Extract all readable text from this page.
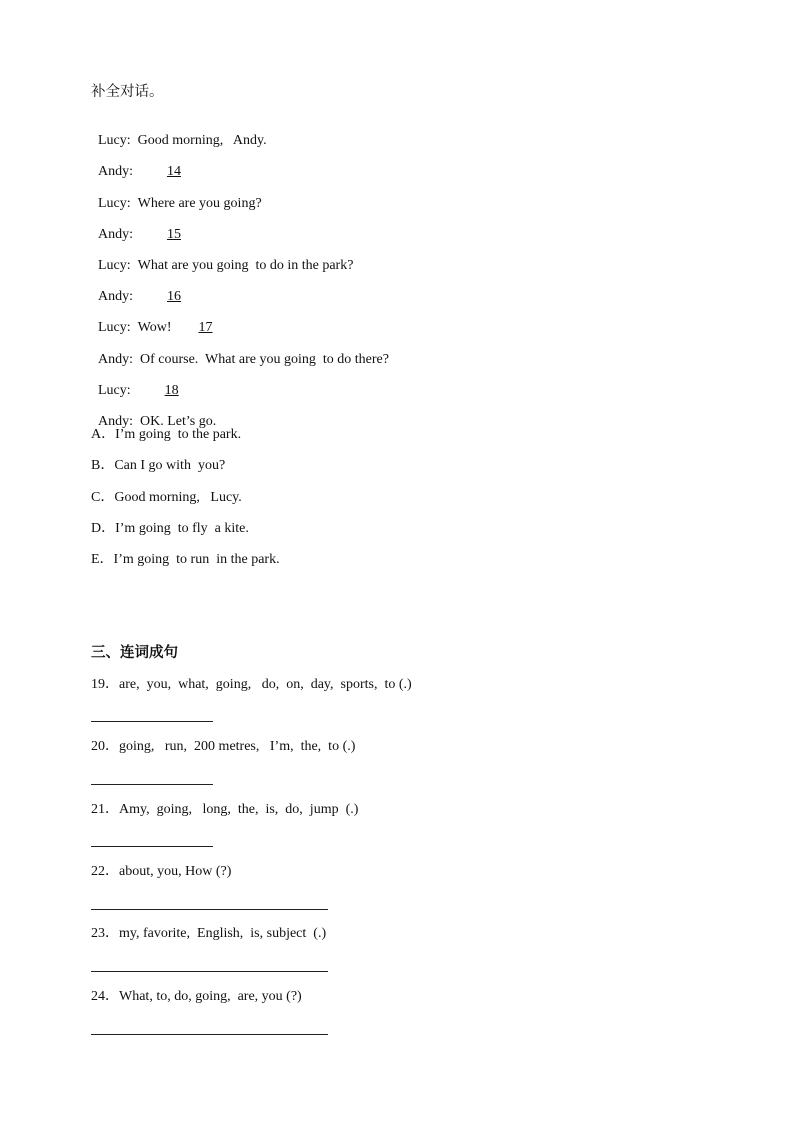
补全对话。

Lucy: Good morning,   Andy.

Andy: 14

Lucy: Where are you going?

Andy: 15

Lucy: What are you going  to do in the park?

Andy: 16

Lucy: Wow! 17

Andy: Of course.  What are you going  to do there?

Lucy: 18

Andy: OK. Let’s go.

A．I’m going  to the park.
B．Can I go with  you?
C．Good morning,   Lucy.
D．I’m going  to fly  a kite.
E．I’m going  to run  in the park.
三、连词成句
19．are,  you,  what,  going,   do,  on,  day,  sports,  to (.)
20．going,   run,  200 metres,   I’m,  the,  to (.)
21．Amy,  going,   long,  the,  is,  do,  jump  (.)
22．about, you, How (?)
23．my, favorite,  English,  is, subject  (.)
24．What, to, do, going,  are, you (?)
